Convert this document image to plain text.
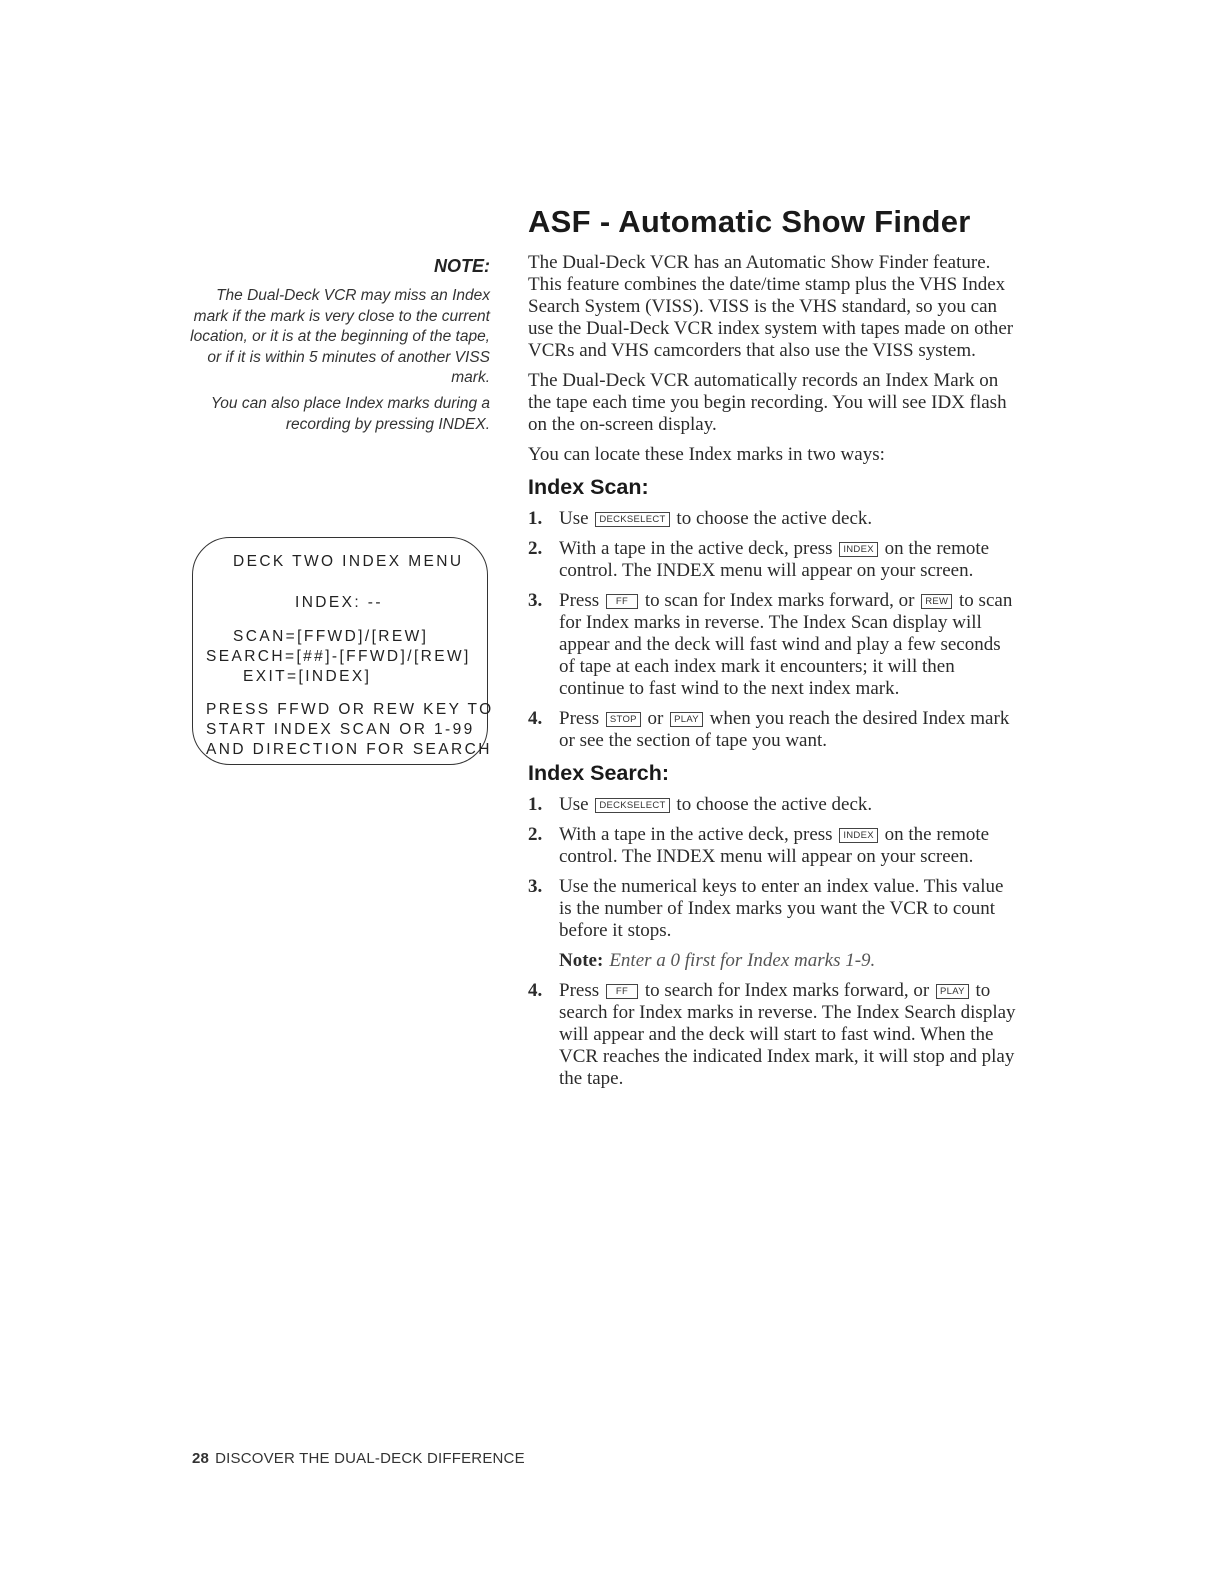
NOTE:

The Dual-Deck VCR may miss an Index mark if the mark is very close to the current location, or it is at the beginning of the tape, or if it is within 5 minutes of another VISS mark.

You can also place Index marks during a recording by pressing INDEX.

DECK TWO INDEX MENU
INDEX: --
SCAN=[FFWD]/[REW]
SEARCH=[##]-[FFWD]/[REW]
EXIT=[INDEX]
PRESS FFWD OR REW KEY TO
START INDEX SCAN OR 1-99
AND DIRECTION FOR SEARCH
ASF - Automatic Show Finder

The Dual-Deck VCR has an Automatic Show Finder feature. This feature combines the date/time stamp plus the VHS Index Search System (VISS). VISS is the VHS standard, so you can use the Dual-Deck VCR index system with tapes made on other VCRs and VHS camcorders that also use the VISS system.

The Dual-Deck VCR automatically records an Index Mark on the tape each time you begin recording. You will see IDX flash on the on-screen display.

You can locate these Index marks in two ways:

Index Scan:
1. Use DECKSELECT to choose the active deck.
2. With a tape in the active deck, press INDEX on the remote control. The INDEX menu will appear on your screen.
3. Press FF to scan for Index marks forward, or REW to scan for Index marks in reverse. The Index Scan display will appear and the deck will fast wind and play a few seconds of tape at each index mark it encounters; it will then continue to fast wind to the next index mark.
4. Press STOP or PLAY when you reach the desired Index mark or see the section of tape you want.
Index Search:
1. Use DECKSELECT to choose the active deck.
2. With a tape in the active deck, press INDEX on the remote control. The INDEX menu will appear on your screen.
3. Use the numerical keys to enter an index value. This value is the number of Index marks you want the VCR to count before it stops.
Note: Enter a 0 first for Index marks 1-9.
4. Press FF to search for Index marks forward, or PLAY to search for Index marks in reverse. The Index Search display will appear and the deck will start to fast wind. When the VCR reaches the indicated Index mark, it will stop and play the tape.
28 DISCOVER THE DUAL-DECK DIFFERENCE
